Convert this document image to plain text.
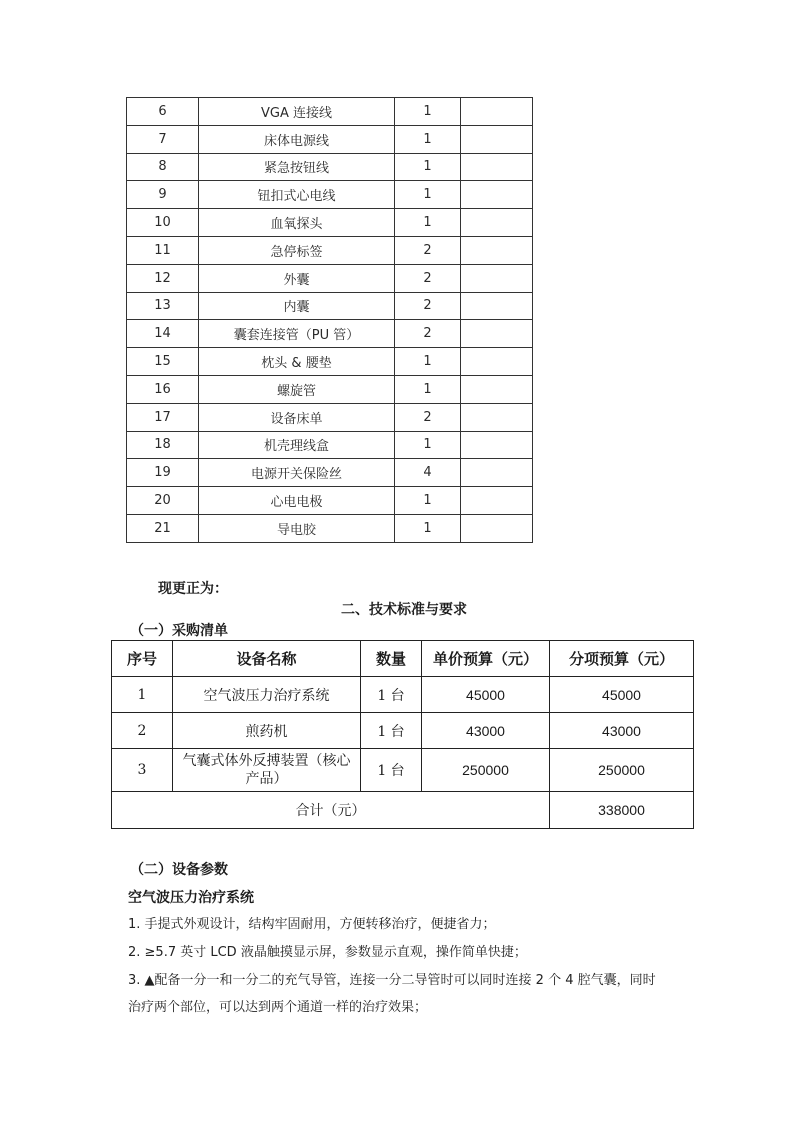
6	VGA 连接线	1	
7	床体电源线	1	
8	紧急按钮线	1	
9	钮扣式心电线	1	
10	血氧探头	1	
11	急停标签	2	
12	外囊	2	
13	内囊	2	
14	囊套连接管（PU 管）	2	
15	枕头 & 腰垫	1	
16	螺旋管	1	
17	设备床单	2	
18	机壳理线盒	1	
19	电源开关保险丝	4	
20	心电电极	1	
21	导电胶	1	
现更正为：
二、技术标准与要求
（一）采购清单
序号	设备名称	数量	单价预算（元）	分项预算（元）
1	空气波压力治疗系统	1 台	45000	45000
2	煎药机	1 台	43000	43000
3	气囊式体外反搏装置（核心产品）	1 台	250000	250000
合计（元）				338000
（二）设备参数
空气波压力治疗系统
1. 手提式外观设计，结构牢固耐用，方便转移治疗，便捷省力；
2. ≥5.7 英寸 LCD 液晶触摸显示屏，参数显示直观，操作简单快捷；
3. ▲配备一分一和一分二的充气导管，连接一分二导管时可以同时连接 2 个 4 腔气囊，同时
治疗两个部位，可以达到两个通道一样的治疗效果；
